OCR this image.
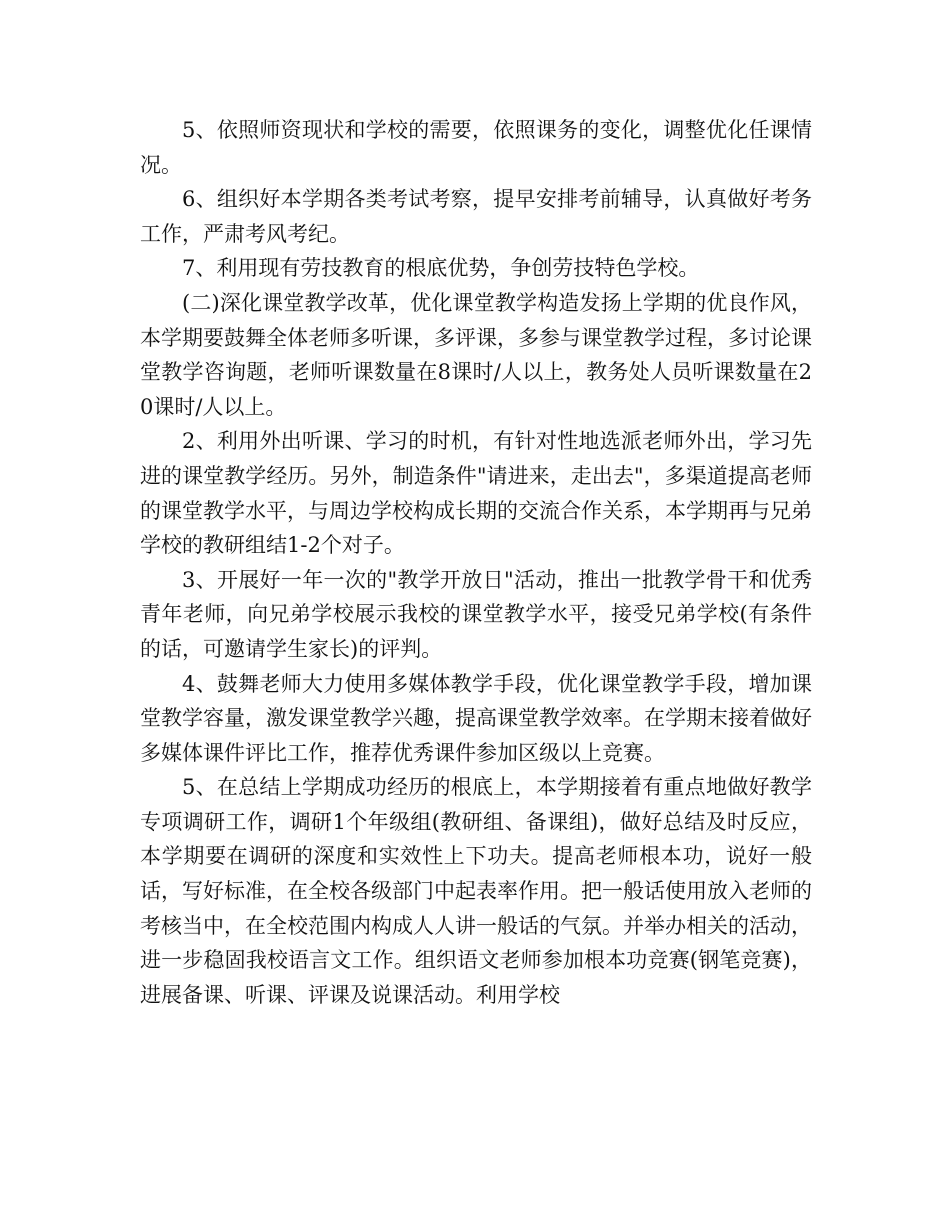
5、依照师资现状和学校的需要，依照课务的变化，调整优化任课情况。

6、组织好本学期各类考试考察，提早安排考前辅导，认真做好考务工作，严肃考风考纪。

7、利用现有劳技教育的根底优势，争创劳技特色学校。

(二)深化课堂教学改革，优化课堂教学构造发扬上学期的优良作风，本学期要鼓舞全体老师多听课，多评课，多参与课堂教学过程，多讨论课堂教学咨询题，老师听课数量在8课时/人以上，教务处人员听课数量在20课时/人以上。

2、利用外出听课、学习的时机，有针对性地选派老师外出，学习先进的课堂教学经历。另外，制造条件"请进来，走出去"，多渠道提高老师的课堂教学水平，与周边学校构成长期的交流合作关系，本学期再与兄弟学校的教研组结1-2个对子。

3、开展好一年一次的"教学开放日"活动，推出一批教学骨干和优秀青年老师，向兄弟学校展示我校的课堂教学水平，接受兄弟学校(有条件的话，可邀请学生家长)的评判。

4、鼓舞老师大力使用多媒体教学手段，优化课堂教学手段，增加课堂教学容量，激发课堂教学兴趣，提高课堂教学效率。在学期末接着做好多媒体课件评比工作，推荐优秀课件参加区级以上竞赛。

5、在总结上学期成功经历的根底上，本学期接着有重点地做好教学专项调研工作，调研1个年级组(教研组、备课组)，做好总结及时反应，本学期要在调研的深度和实效性上下功夫。提高老师根本功，说好一般话，写好标准，在全校各级部门中起表率作用。把一般话使用放入老师的考核当中，在全校范围内构成人人讲一般话的气氛。并举办相关的活动，进一步稳固我校语言文工作。组织语文老师参加根本功竞赛(钢笔竞赛)，进展备课、听课、评课及说课活动。利用学校
